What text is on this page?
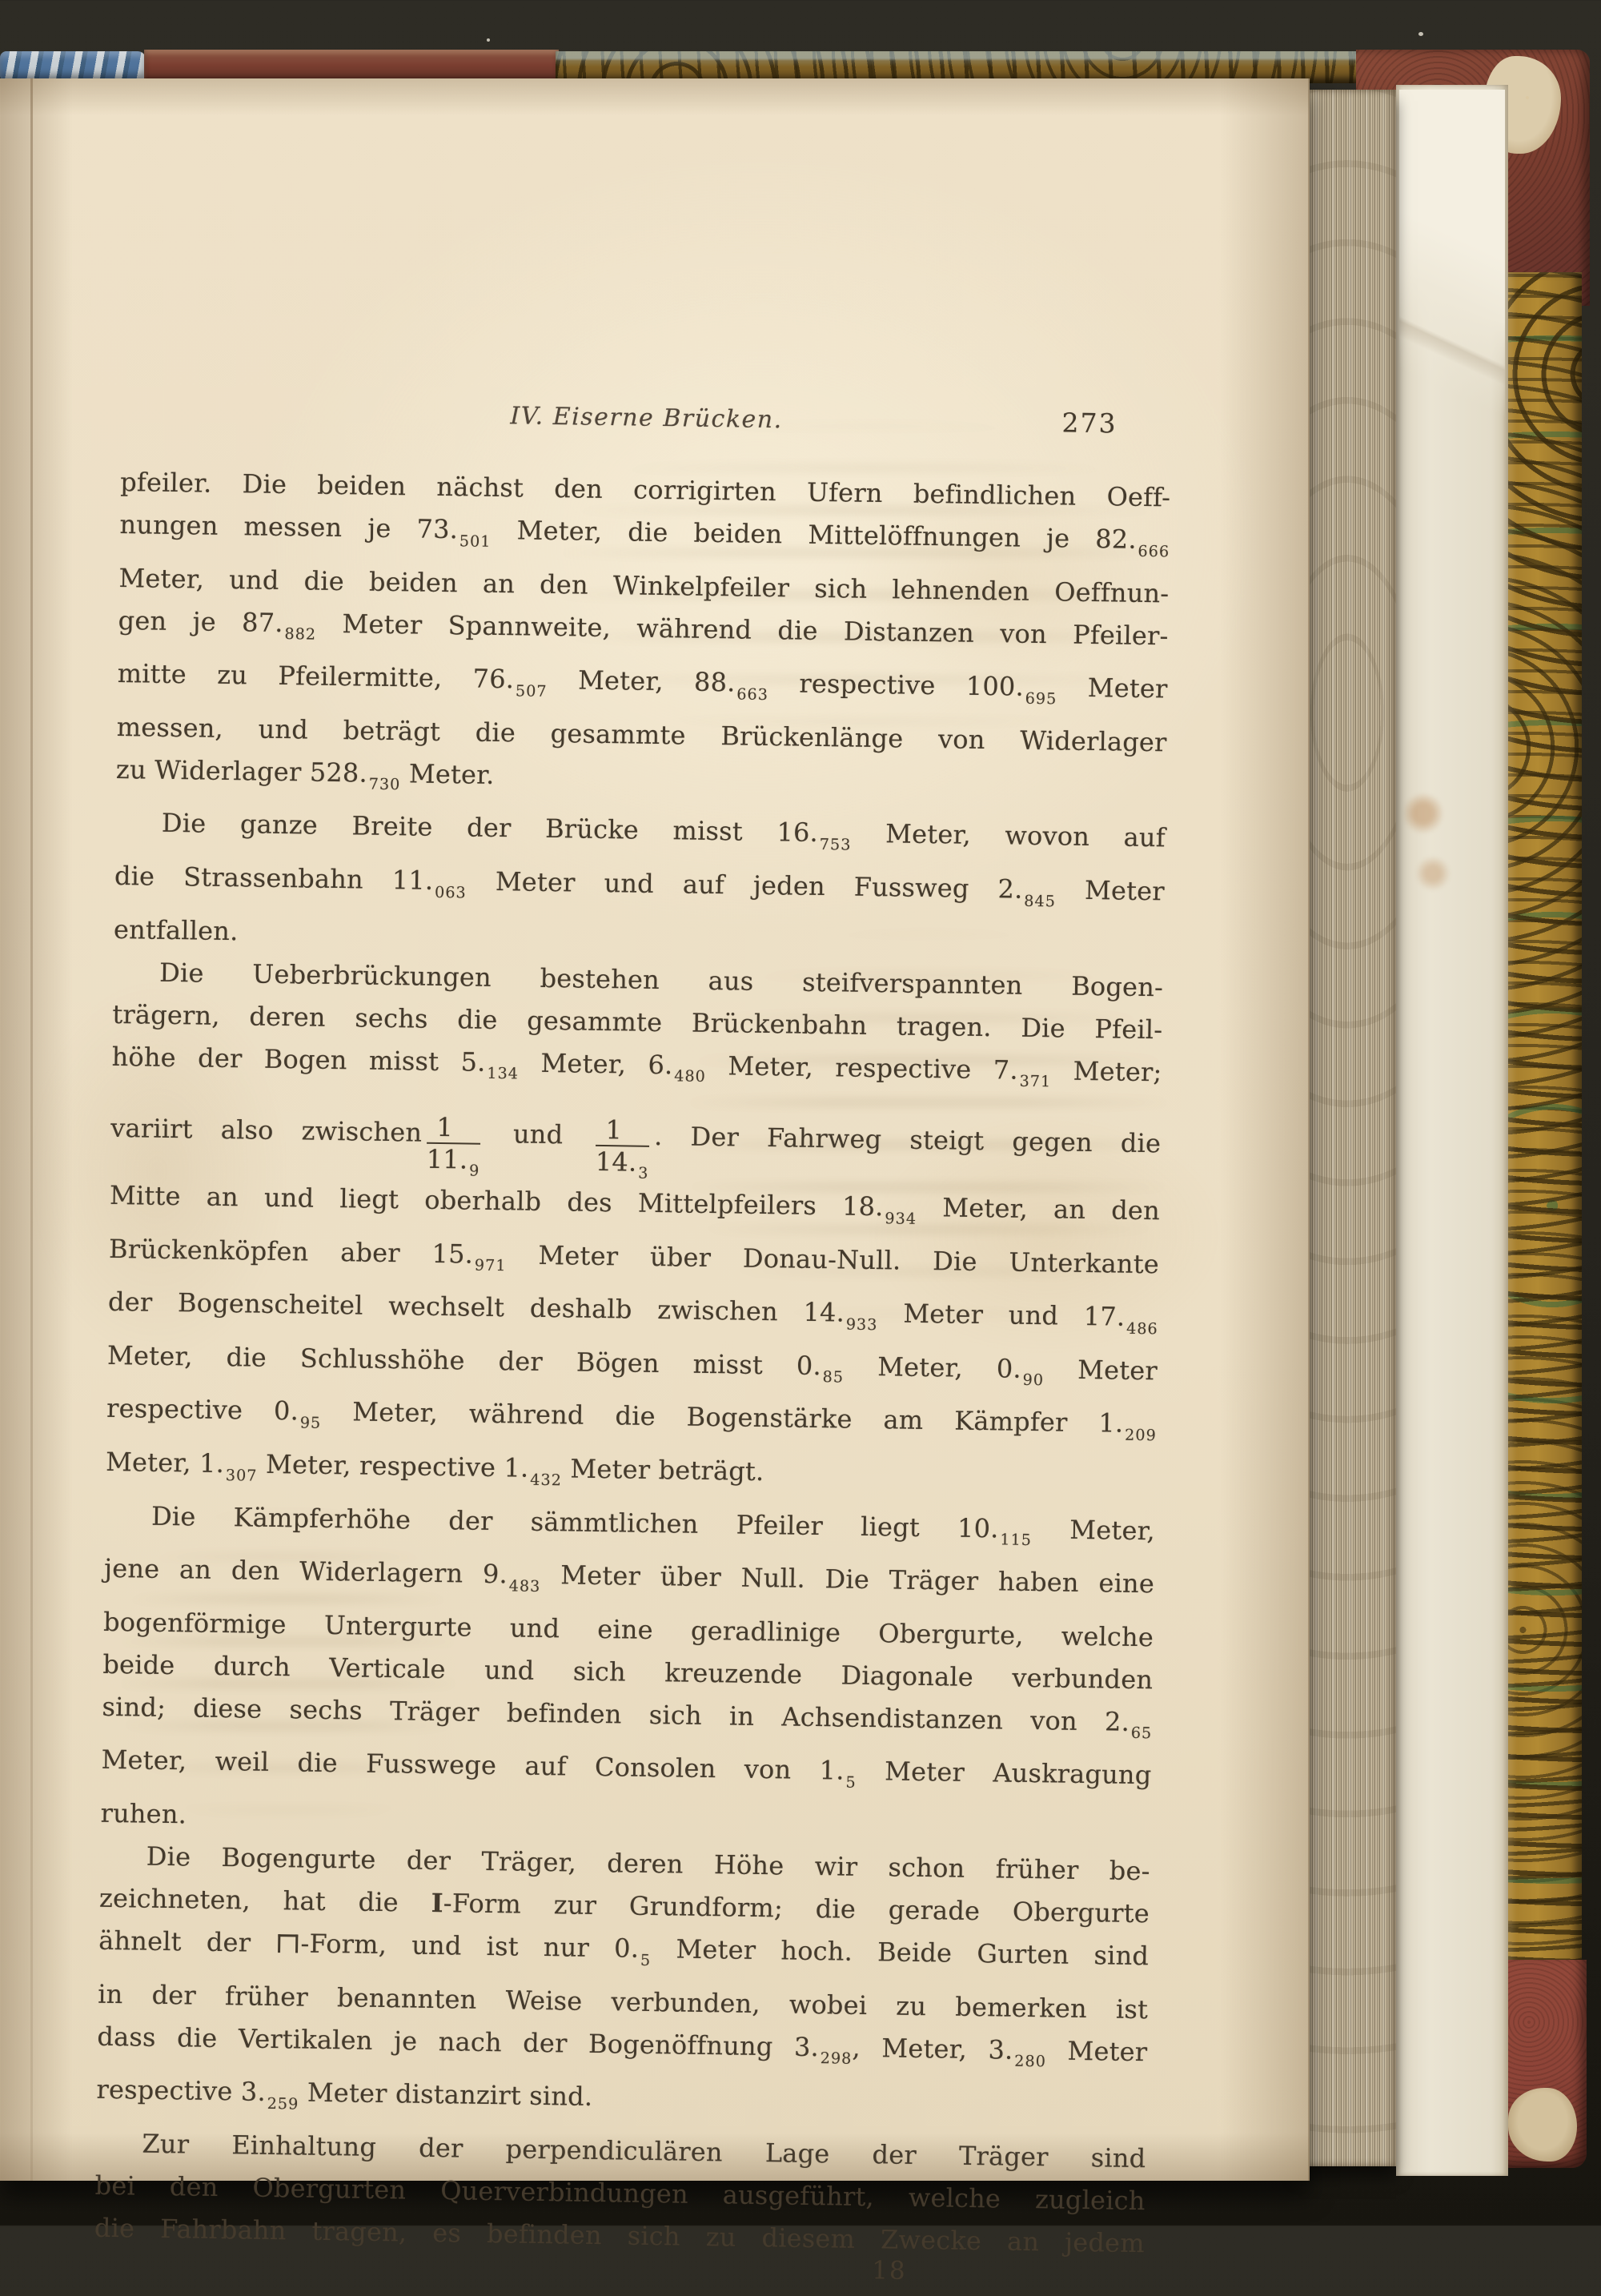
IV. Eiserne Brücken.	273
pfeiler. Die beiden nächst den corrigirten Ufern befindlichen Oeff-
nungen messen je $73._{501}$ Meter, die beiden Mittelöffnungen je $82._{666}$
Meter, und die beiden an den Winkelpfeiler sich lehnenden Oeffnun-
gen je $87._{882}$ Meter Spannweite, während die Distanzen von Pfeiler-
mitte zu Pfeilermitte, $76._{507}$ Meter, $88._{663}$ respective $100._{695}$ Meter
messen, und beträgt die gesammte Brückenlänge von Widerlager
zu Widerlager $528._{730}$ Meter.
Die ganze Breite der Brücke misst $16._{753}$ Meter, wovon auf
die Strassenbahn $11._{063}$ Meter und auf jeden Fussweg $2._{845}$ Meter
entfallen.
Die Ueberbrückungen bestehen aus steifverspannten Bogen-
trägern, deren sechs die gesammte Brückenbahn tragen. Die Pfeil-
höhe der Bogen misst $5._{134}$ Meter, $6._{480}$ Meter, respective $7._{371}$ Meter;
variirt also zwischen $\frac{1}{11._9}$ und $\frac{1}{14._3}$ . Der Fahrweg steigt gegen die
Mitte an und liegt oberhalb des Mittelpfeilers $18._{934}$ Meter, an den
Brückenköpfen aber $15._{971}$ Meter über Donau-Null. Die Unterkante
der Bogenscheitel wechselt deshalb zwischen $14._{933}$ Meter und $17._{486}$
Meter, die Schlusshöhe der Bögen misst $0._{85}$ Meter, $0._{90}$ Meter
respective $0._{95}$ Meter, während die Bogenstärke am Kämpfer $1._{209}$
Meter, $1._{307}$ Meter, respective $1._{432}$ Meter beträgt.
Die Kämpferhöhe der sämmtlichen Pfeiler liegt $10._{115}$ Meter,
jene an den Widerlagern $9._{483}$ Meter über Null. Die Träger haben eine
bogenförmige Untergurte und eine geradlinige Obergurte, welche
beide durch Verticale und sich kreuzende Diagonale verbunden
sind; diese sechs Träger befinden sich in Achsendistanzen von $2._{65}$
Meter, weil die Fusswege auf Consolen von $1._5$ Meter Auskragung
ruhen.
Die Bogengurte der Träger, deren Höhe wir schon früher be-
zeichneten, hat die I-Form zur Grundform; die gerade Obergurte
ähnelt der -Form, und ist nur $0._5$ Meter hoch. Beide Gurten sind
in der früher benannten Weise verbunden, wobei zu bemerken ist
dass die Vertikalen je nach der Bogenöffnung $3._{298}$, Meter, $3._{280}$ Meter
respective $3._{259}$ Meter distanzirt sind.
Zur Einhaltung der perpendiculären Lage der Träger sind
bei den Obergurten Querverbindungen ausgeführt, welche zugleich
die Fahrbahn tragen, es befinden sich zu diesem Zwecke an jedem
18
